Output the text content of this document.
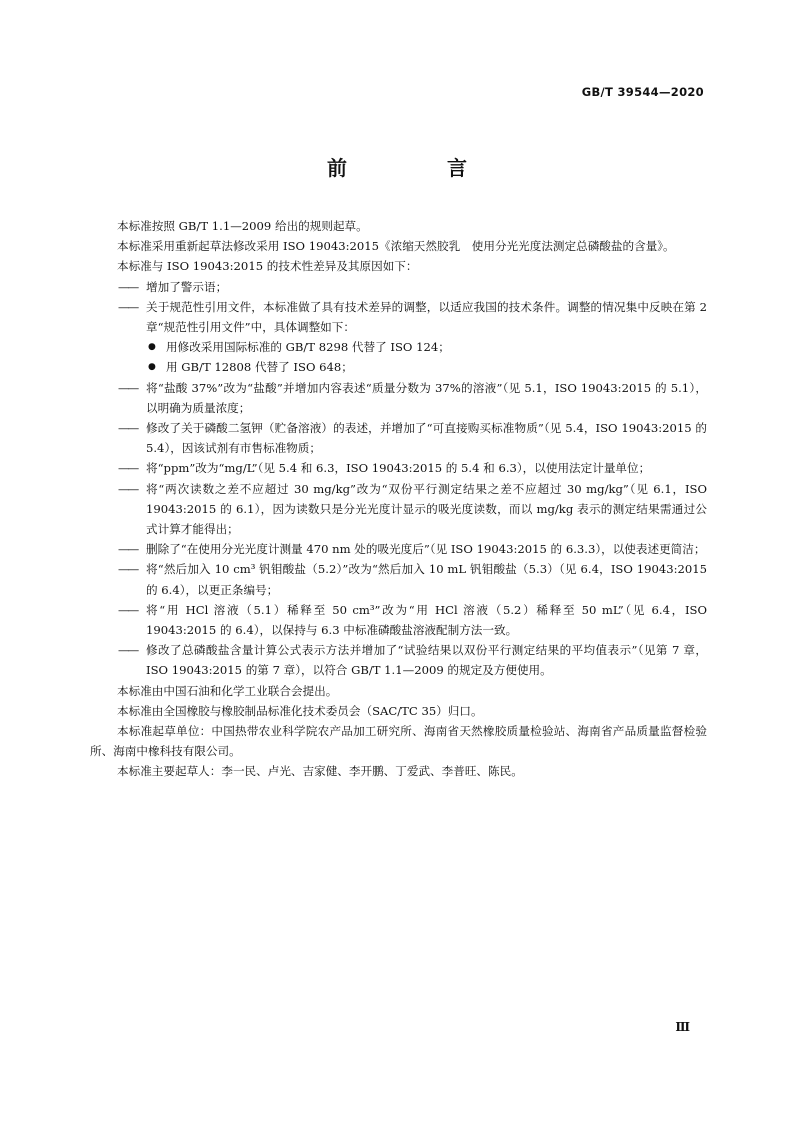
GB/T 39544—2020
前　言

本标准按照 GB/T 1.1—2009 给出的规则起草。

本标准采用重新起草法修改采用 ISO 19043:2015《浓缩天然胶乳　使用分光光度法测定总磷酸盐的含量》。

本标准与 ISO 19043:2015 的技术性差异及其原因如下：

—— 增加了警示语；
—— 关于规范性引用文件，本标准做了具有技术差异的调整，以适应我国的技术条件。调整的情况集中反映在第 2 章“规范性引用文件”中，具体调整如下：
● 用修改采用国际标准的 GB/T 8298 代替了 ISO 124；
● 用 GB/T 12808 代替了 ISO 648；
—— 将“盐酸 37%”改为“盐酸”并增加内容表述“质量分数为 37%的溶液”（见 5.1，ISO 19043:2015 的 5.1），以明确为质量浓度；
—— 修改了关于磷酸二氢钾（贮备溶液）的表述，并增加了“可直接购买标准物质”（见 5.4，ISO 19043:2015 的 5.4），因该试剂有市售标准物质；
—— 将“ppm”改为“mg/L”（见 5.4 和 6.3，ISO 19043:2015 的 5.4 和 6.3），以使用法定计量单位；
—— 将“两次读数之差不应超过 30 mg/kg”改为“双份平行测定结果之差不应超过 30 mg/kg”（见 6.1，ISO 19043:2015 的 6.1），因为读数只是分光光度计显示的吸光度读数，而以 mg/kg 表示的测定结果需通过公式计算才能得出；
—— 删除了“在使用分光光度计测量 470 nm 处的吸光度后”（见 ISO 19043:2015 的 6.3.3），以使表述更简洁；
—— 将“然后加入 10 cm³ 钒钼酸盐（5.2）”改为“然后加入 10 mL 钒钼酸盐（5.3）（见 6.4，ISO 19043:2015 的 6.4），以更正条编号；
—— 将“用 HCl 溶液（5.1）稀释至 50 cm³”改为“用 HCl 溶液（5.2）稀释至 50 mL”（见 6.4，ISO 19043:2015 的 6.4），以保持与 6.3 中标准磷酸盐溶液配制方法一致。
—— 修改了总磷酸盐含量计算公式表示方法并增加了“试验结果以双份平行测定结果的平均值表示”（见第 7 章，ISO 19043:2015 的第 7 章），以符合 GB/T 1.1—2009 的规定及方便使用。

本标准由中国石油和化学工业联合会提出。

本标准由全国橡胶与橡胶制品标准化技术委员会（SAC/TC 35）归口。

本标准起草单位：中国热带农业科学院农产品加工研究所、海南省天然橡胶质量检验站、海南省产品质量监督检验所、海南中橡科技有限公司。

本标准主要起草人：李一民、卢光、吉家健、李开鹏、丁爱武、李普旺、陈民。

Ⅲ
